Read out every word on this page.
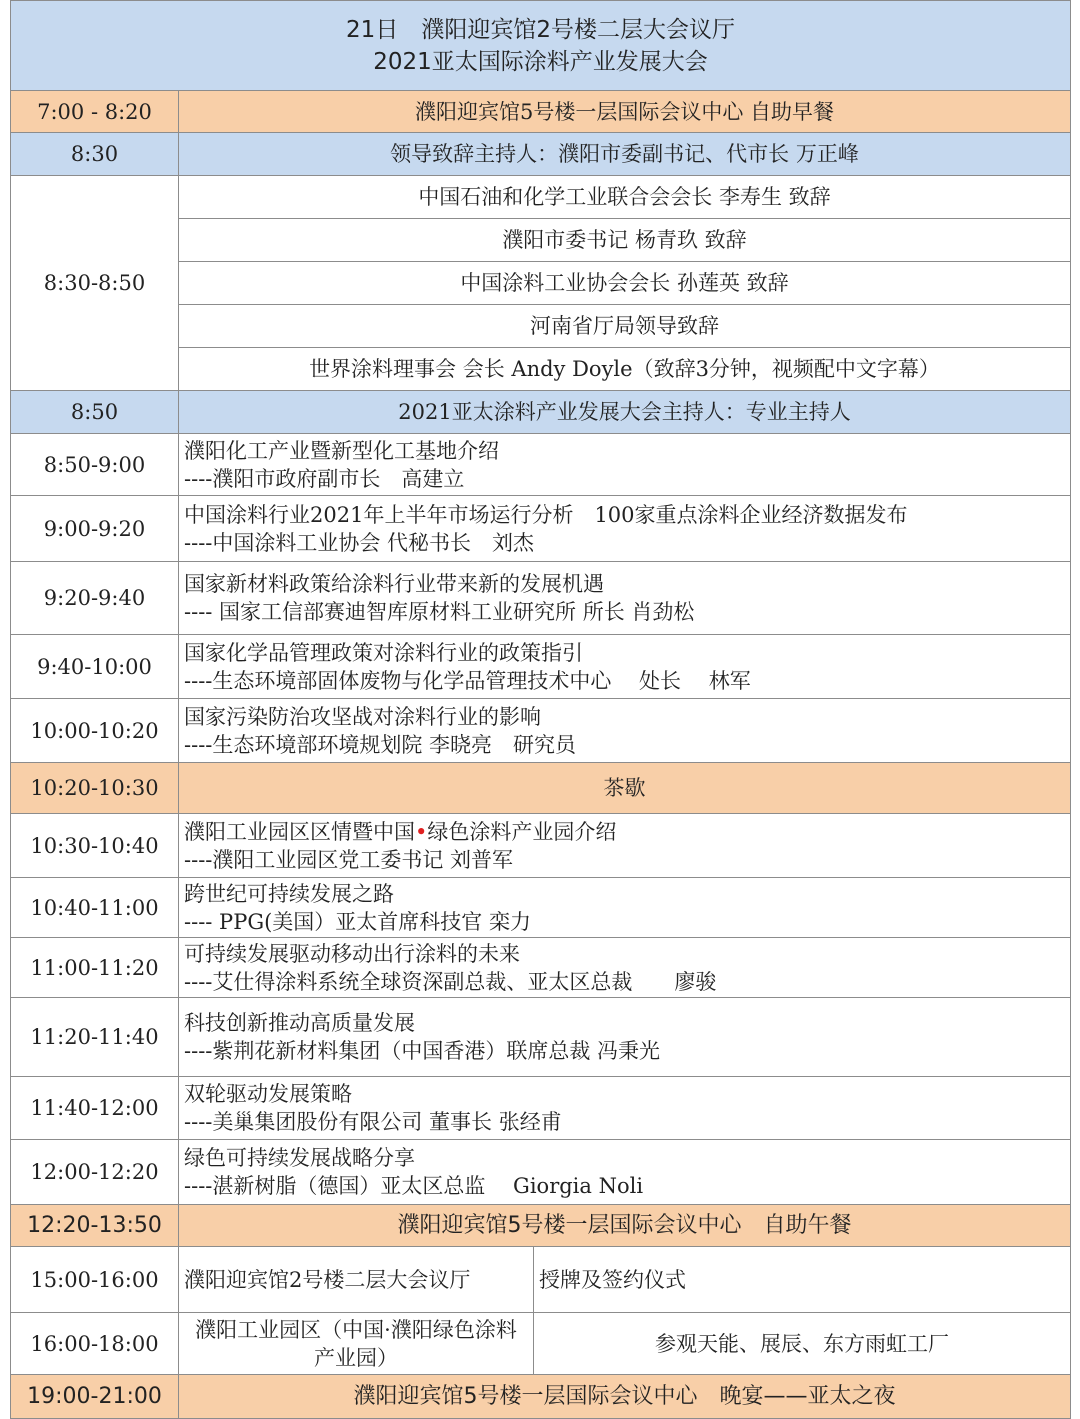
21日　濮阳迎宾馆2号楼二层大会议厅
2021亚太国际涂料产业发展大会		

7:00 - 8:20	濮阳迎宾馆5号楼一层国际会议中心 自助早餐	
8:30	领导致辞主持人：濮阳市委副书记、代市长 万正峰	
8:30-8:50	中国石油和化学工业联合会会长 李寿生 致辞	
	濮阳市委书记 杨青玖 致辞	
	中国涂料工业协会会长 孙莲英 致辞	
	河南省厅局领导致辞	
	世界涂料理事会 会长 Andy Doyle（致辞3分钟，视频配中文字幕）	
8:50	2021亚太涂料产业发展大会主持人：专业主持人	
8:50-9:00	濮阳化工产业暨新型化工基地介绍
----濮阳市政府副市长　高建立	

9:00-9:20	中国涂料行业2021年上半年市场运行分析　100家重点涂料企业经济数据发布
----中国涂料工业协会 代秘书长　刘杰	

9:20-9:40	国家新材料政策给涂料行业带来新的发展机遇
---- 国家工信部赛迪智库原材料工业研究所 所长 肖劲松	

9:40-10:00	国家化学品管理政策对涂料行业的政策指引
----生态环境部固体废物与化学品管理技术中心　 处长　 林军	

10:00-10:20	国家污染防治攻坚战对涂料行业的影响
----生态环境部环境规划院 李晓亮　研究员	

10:20-10:30	茶歇	
10:30-10:40	濮阳工业园区区情暨中国•绿色涂料产业园介绍
----濮阳工业园区党工委书记 刘普军	

10:40-11:00	跨世纪可持续发展之路
---- PPG(美国）亚太首席科技官 栾力	

11:00-11:20	可持续发展驱动移动出行涂料的未来
----艾仕得涂料系统全球资深副总裁、亚太区总裁　　廖骏	

11:20-11:40	科技创新推动高质量发展
----紫荆花新材料集团（中国香港）联席总裁 冯秉光	

11:40-12:00	双轮驱动发展策略
----美巢集团股份有限公司 董事长 张经甫	

12:00-12:20	绿色可持续发展战略分享
----湛新树脂（德国）亚太区总监　 Giorgia Noli	

12:20-13:50	濮阳迎宾馆5号楼一层国际会议中心　自助午餐	
15:00-16:00	濮阳迎宾馆2号楼二层大会议厅	授牌及签约仪式
16:00-18:00	濮阳工业园区（中国·濮阳绿色涂料产业园）	参观天能、展辰、东方雨虹工厂
19:00-21:00	濮阳迎宾馆5号楼一层国际会议中心　晚宴——亚太之夜	
